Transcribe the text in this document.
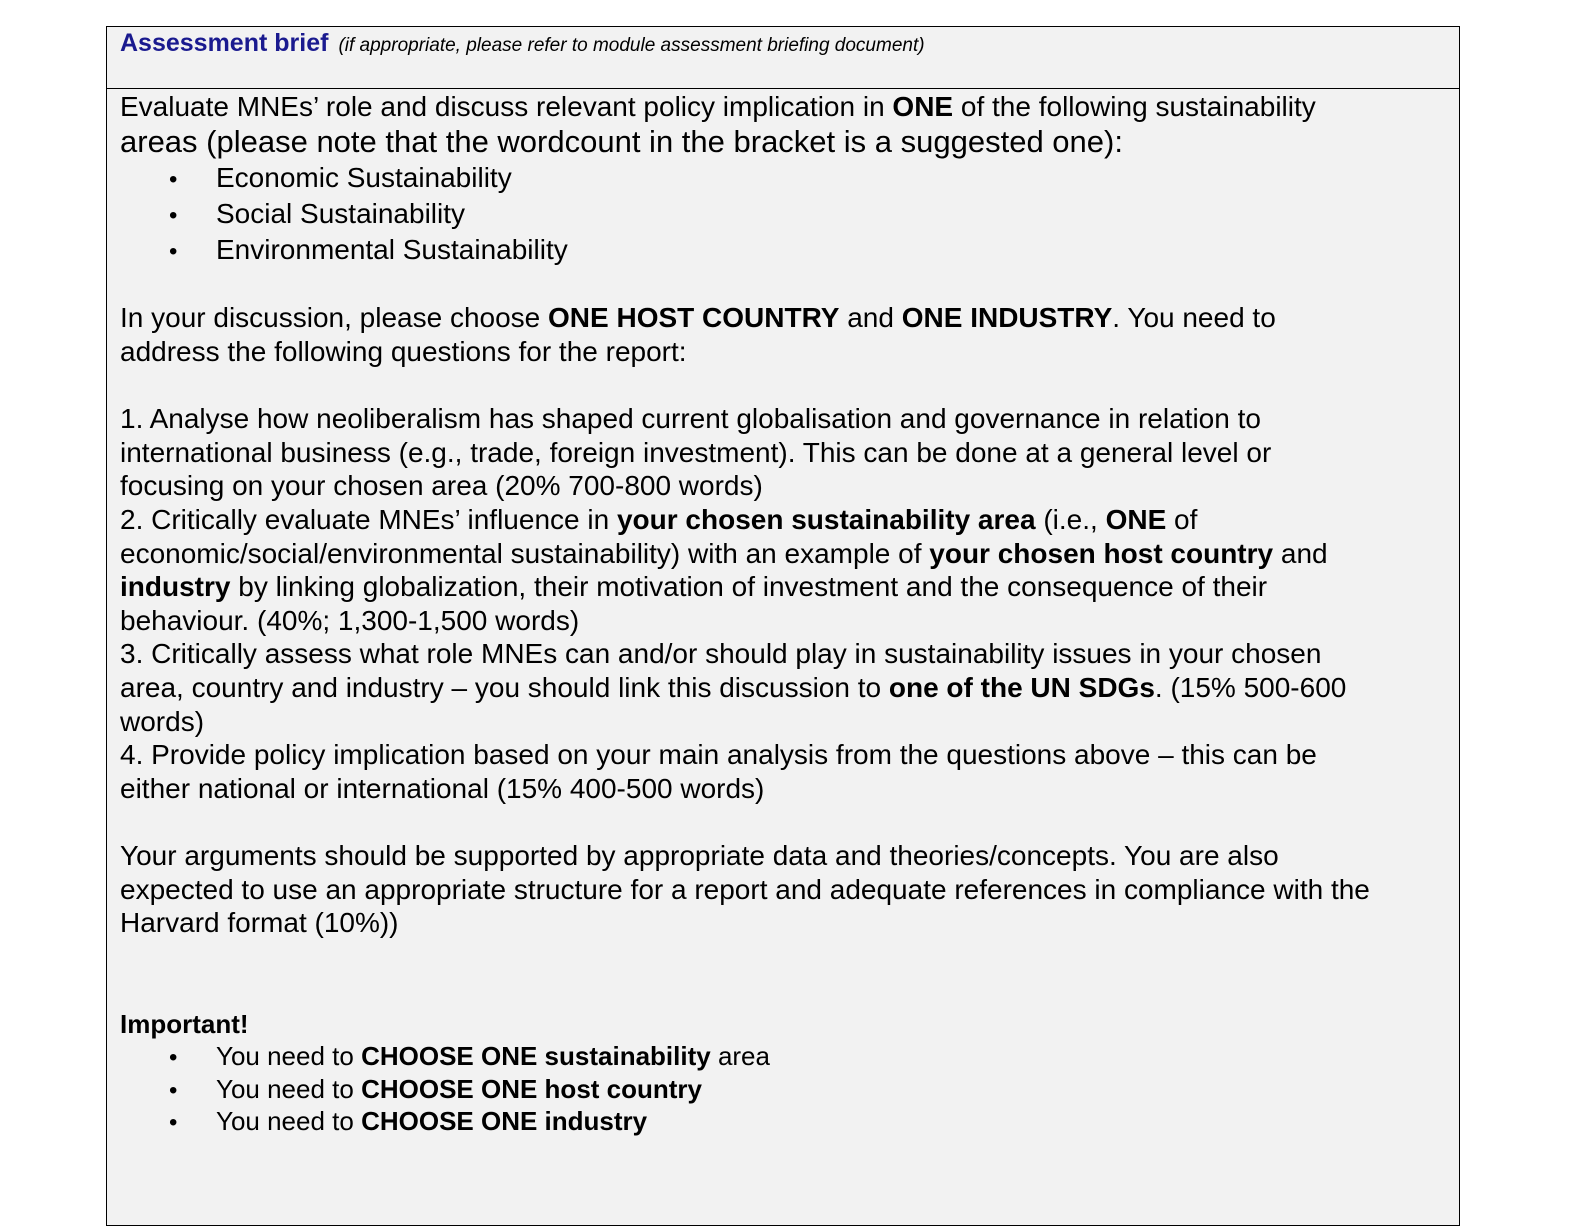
Assessment brief (if appropriate, please refer to module assessment briefing document)
Evaluate MNEs’ role and discuss relevant policy implication in ONE of the following sustainability
areas (please note that the wordcount in the bracket is a suggested one):
• Economic Sustainability
• Social Sustainability
• Environmental Sustainability
In your discussion, please choose ONE HOST COUNTRY and ONE INDUSTRY. You need to
address the following questions for the report:
1. Analyse how neoliberalism has shaped current globalisation and governance in relation to
international business (e.g., trade, foreign investment). This can be done at a general level or
focusing on your chosen area (20% 700-800 words)
2. Critically evaluate MNEs’ influence in your chosen sustainability area (i.e., ONE of
economic/social/environmental sustainability) with an example of your chosen host country and
industry by linking globalization, their motivation of investment and the consequence of their
behaviour. (40%; 1,300-1,500 words)
3. Critically assess what role MNEs can and/or should play in sustainability issues in your chosen
area, country and industry – you should link this discussion to one of the UN SDGs. (15% 500-600
words)
4. Provide policy implication based on your main analysis from the questions above – this can be
either national or international (15% 400-500 words)
Your arguments should be supported by appropriate data and theories/concepts. You are also
expected to use an appropriate structure for a report and adequate references in compliance with the
Harvard format (10%))
Important!
• You need to CHOOSE ONE sustainability area
• You need to CHOOSE ONE host country
• You need to CHOOSE ONE industry
